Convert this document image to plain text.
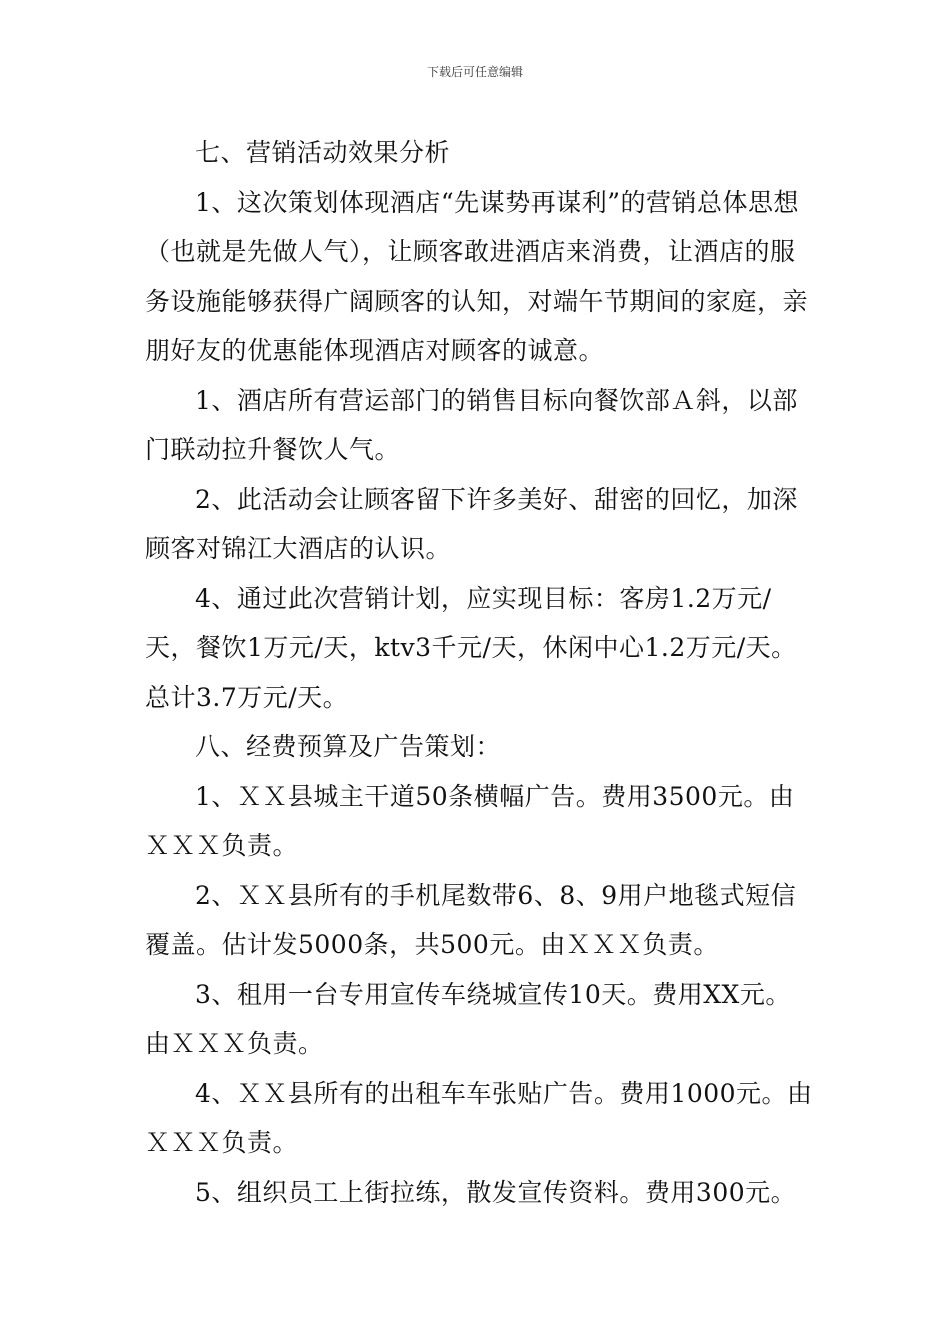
下载后可任意编辑

七、营销活动效果分析

1、这次策划体现酒店“先谋势再谋利”的营销总体思想（也就是先做人气），让顾客敢进酒店来消费，让酒店的服务设施能够获得广阔顾客的认知，对端午节期间的家庭，亲朋好友的优惠能体现酒店对顾客的诚意。

1、酒店所有营运部门的销售目标向餐饮部Ａ斜，以部门联动拉升餐饮人气。

2、此活动会让顾客留下许多美好、甜密的回忆，加深顾客对锦江大酒店的认识。

4、通过此次营销计划，应实现目标：客房1.2万元/天，餐饮1万元/天，ktv3千元/天，休闲中心1.2万元/天。总计3.7万元/天。

八、经费预算及广告策划：

1、ＸＸ县城主干道50条横幅广告。费用3500元。由ＸＸＸ负责。

2、ＸＸ县所有的手机尾数带6、8、9用户地毯式短信覆盖。估计发5000条，共500元。由ＸＸＸ负责。

3、租用一台专用宣传车绕城宣传10天。费用XX元。由ＸＸＸ负责。

4、ＸＸ县所有的出租车车张贴广告。费用1000元。由ＸＸＸ负责。

5、组织员工上街拉练，散发宣传资料。费用300元。
